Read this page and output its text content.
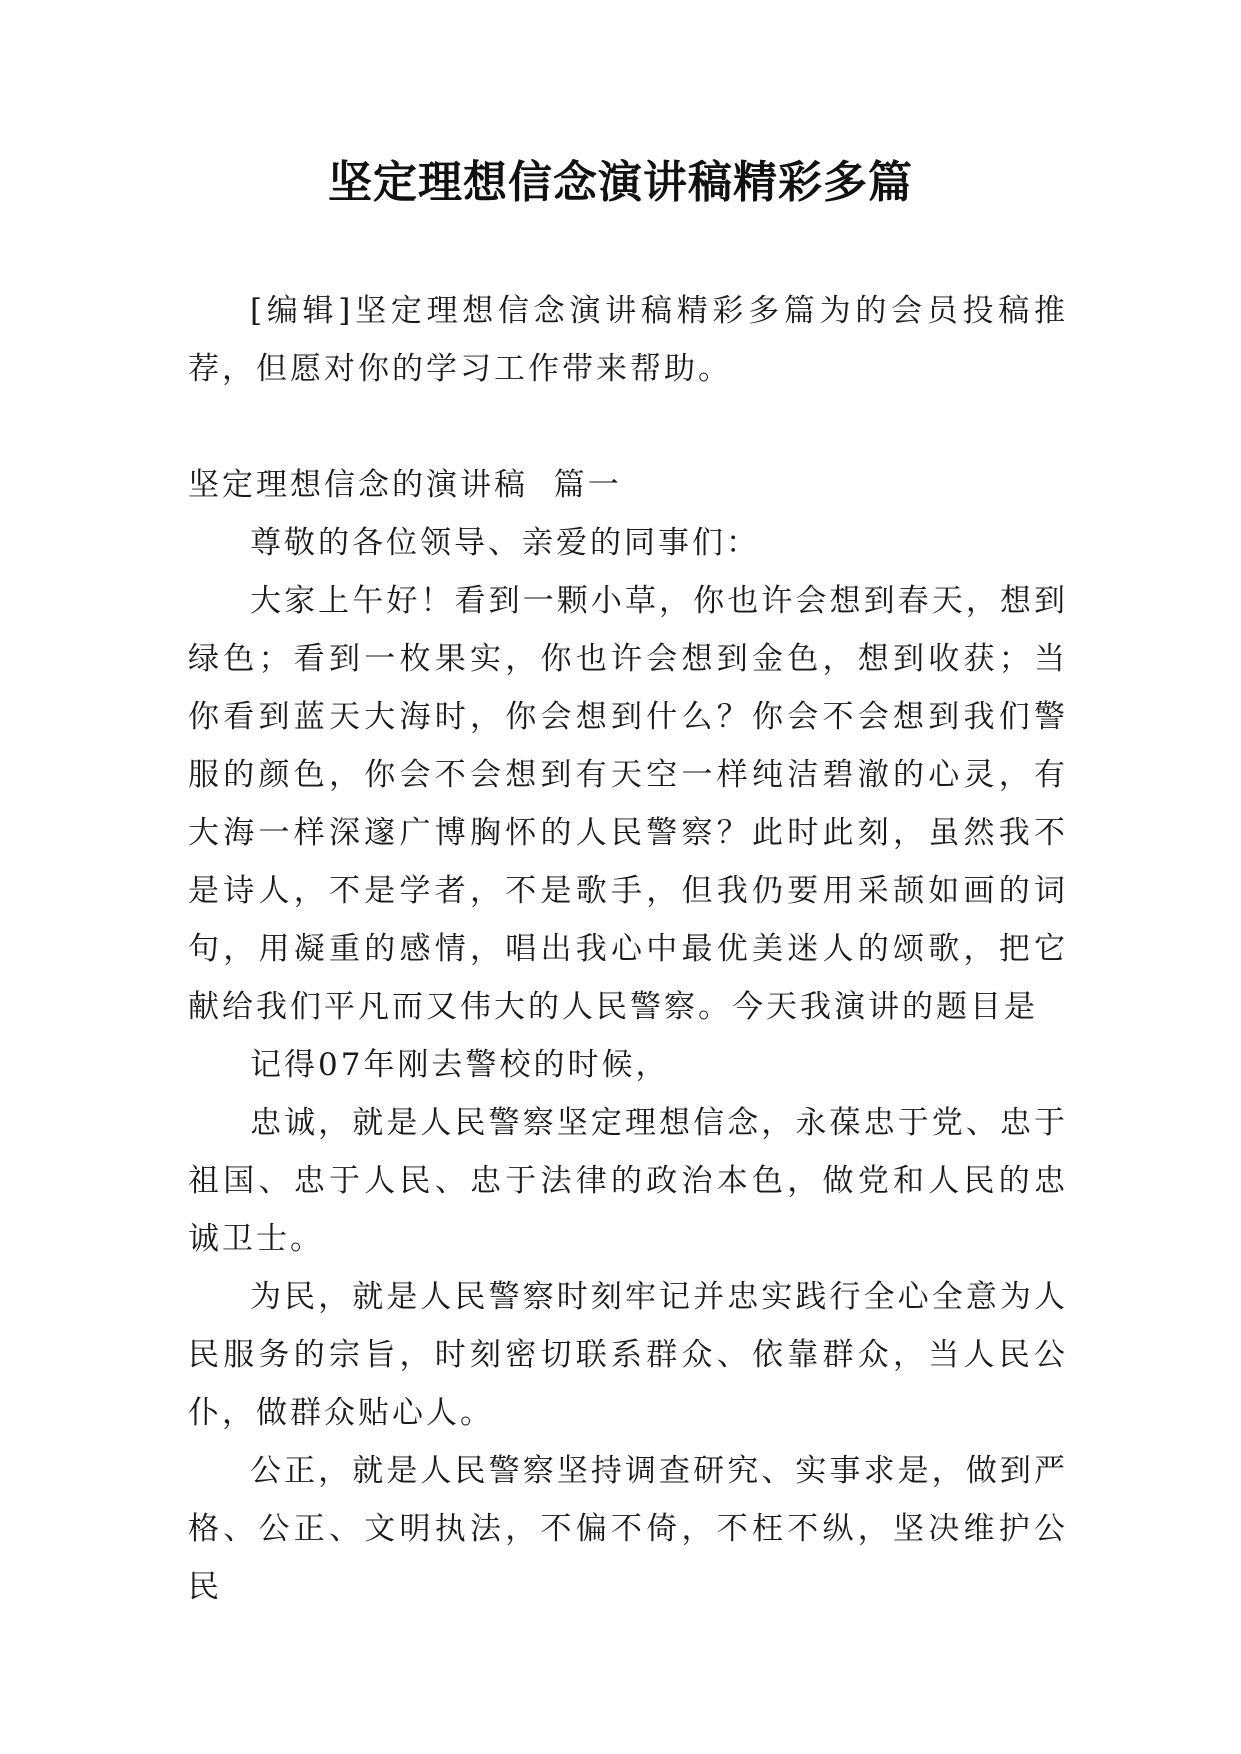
坚定理想信念演讲稿精彩多篇

[编辑]坚定理想信念演讲稿精彩多篇为的会员投稿推荐，但愿对你的学习工作带来帮助。

坚定理想信念的演讲稿  篇一

尊敬的各位领导、亲爱的同事们：

大家上午好！看到一颗小草，你也许会想到春天，想到绿色；看到一枚果实，你也许会想到金色，想到收获；当你看到蓝天大海时，你会想到什么？你会不会想到我们警服的颜色，你会不会想到有天空一样纯洁碧澈的心灵，有大海一样深邃广博胸怀的人民警察？此时此刻，虽然我不是诗人，不是学者，不是歌手，但我仍要用采颉如画的词句，用凝重的感情，唱出我心中最优美迷人的颂歌，把它献给我们平凡而又伟大的人民警察。今天我演讲的题目是

记得07年刚去警校的时候，

忠诚，就是人民警察坚定理想信念，永葆忠于党、忠于祖国、忠于人民、忠于法律的政治本色，做党和人民的忠诚卫士。

为民，就是人民警察时刻牢记并忠实践行全心全意为人民服务的宗旨，时刻密切联系群众、依靠群众，当人民公仆，做群众贴心人。

公正，就是人民警察坚持调查研究、实事求是，做到严格、公正、文明执法，不偏不倚，不枉不纵，坚决维护公民
